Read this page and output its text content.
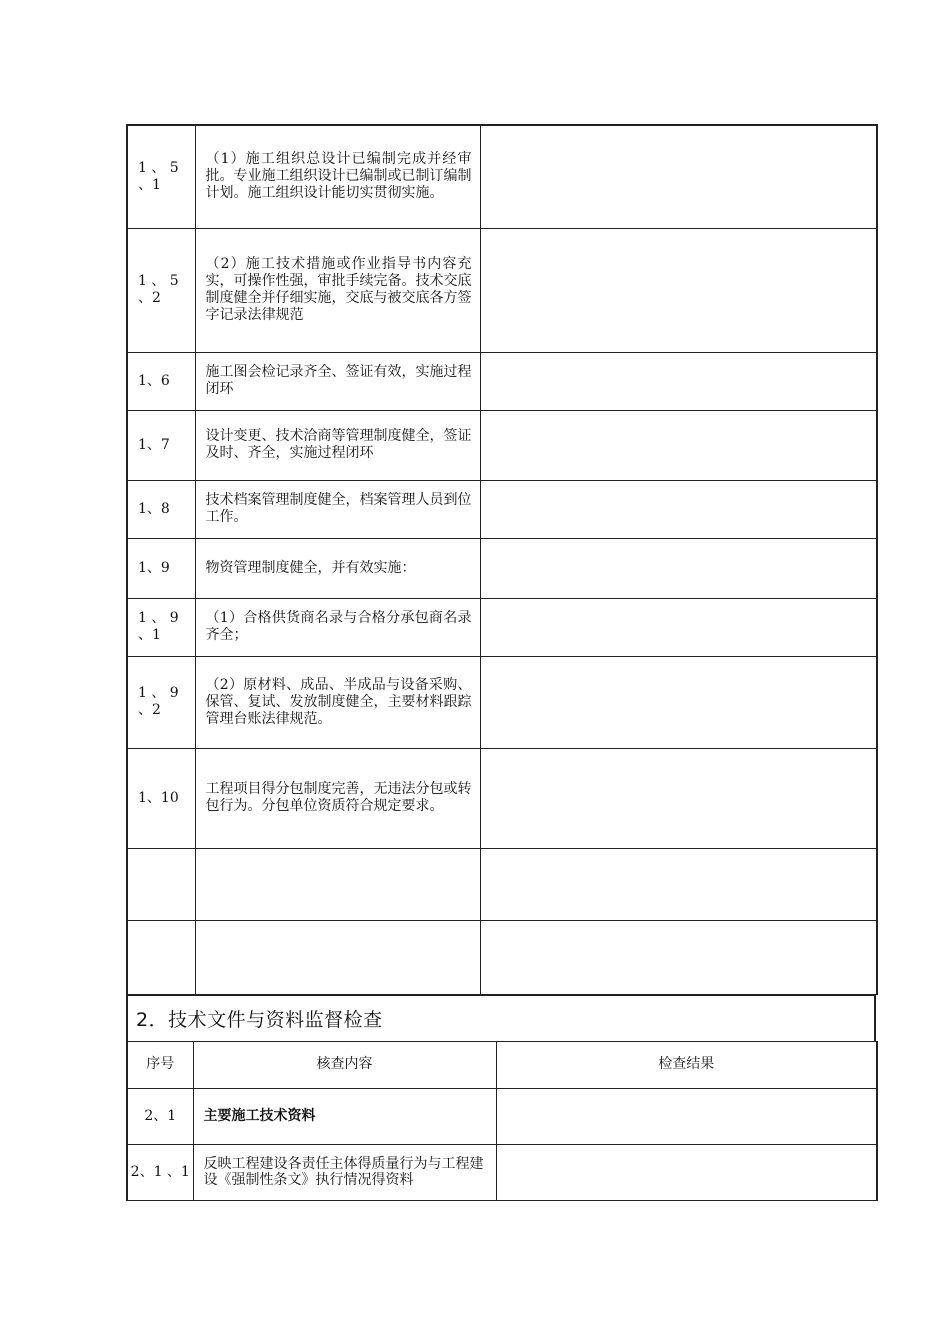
1 、 5 、1	（1）施工组织总设计已编制完成并经审批。专业施工组织设计已编制或已制订编制计划。施工组织设计能切实贯彻实施。	
1 、 5 、2	（2）施工技术措施或作业指导书内容充实，可操作性强，审批手续完备。技术交底制度健全并仔细实施，交底与被交底各方签字记录法律规范	
1、6	施工图会检记录齐全、签证有效，实施过程闭环	
1、7	设计变更、技术洽商等管理制度健全，签证及时、齐全，实施过程闭环	
1、8	技术档案管理制度健全，档案管理人员到位工作。	
1、9	物资管理制度健全，并有效实施：	
1 、 9 、1	（1）合格供货商名录与合格分承包商名录齐全；	
1 、 9 、2	（2）原材料、成品、半成品与设备采购、保管、复试、发放制度健全，主要材料跟踪管理台账法律规范。	
1、10	工程项目得分包制度完善，无违法分包或转包行为。分包单位资质符合规定要求。	

2．技术文件与资料监督检查
序号	核查内容	检查结果
2、1	主要施工技术资料	
2、1 、1	反映工程建设各责任主体得质量行为与工程建设《强制性条文》执行情况得资料	
